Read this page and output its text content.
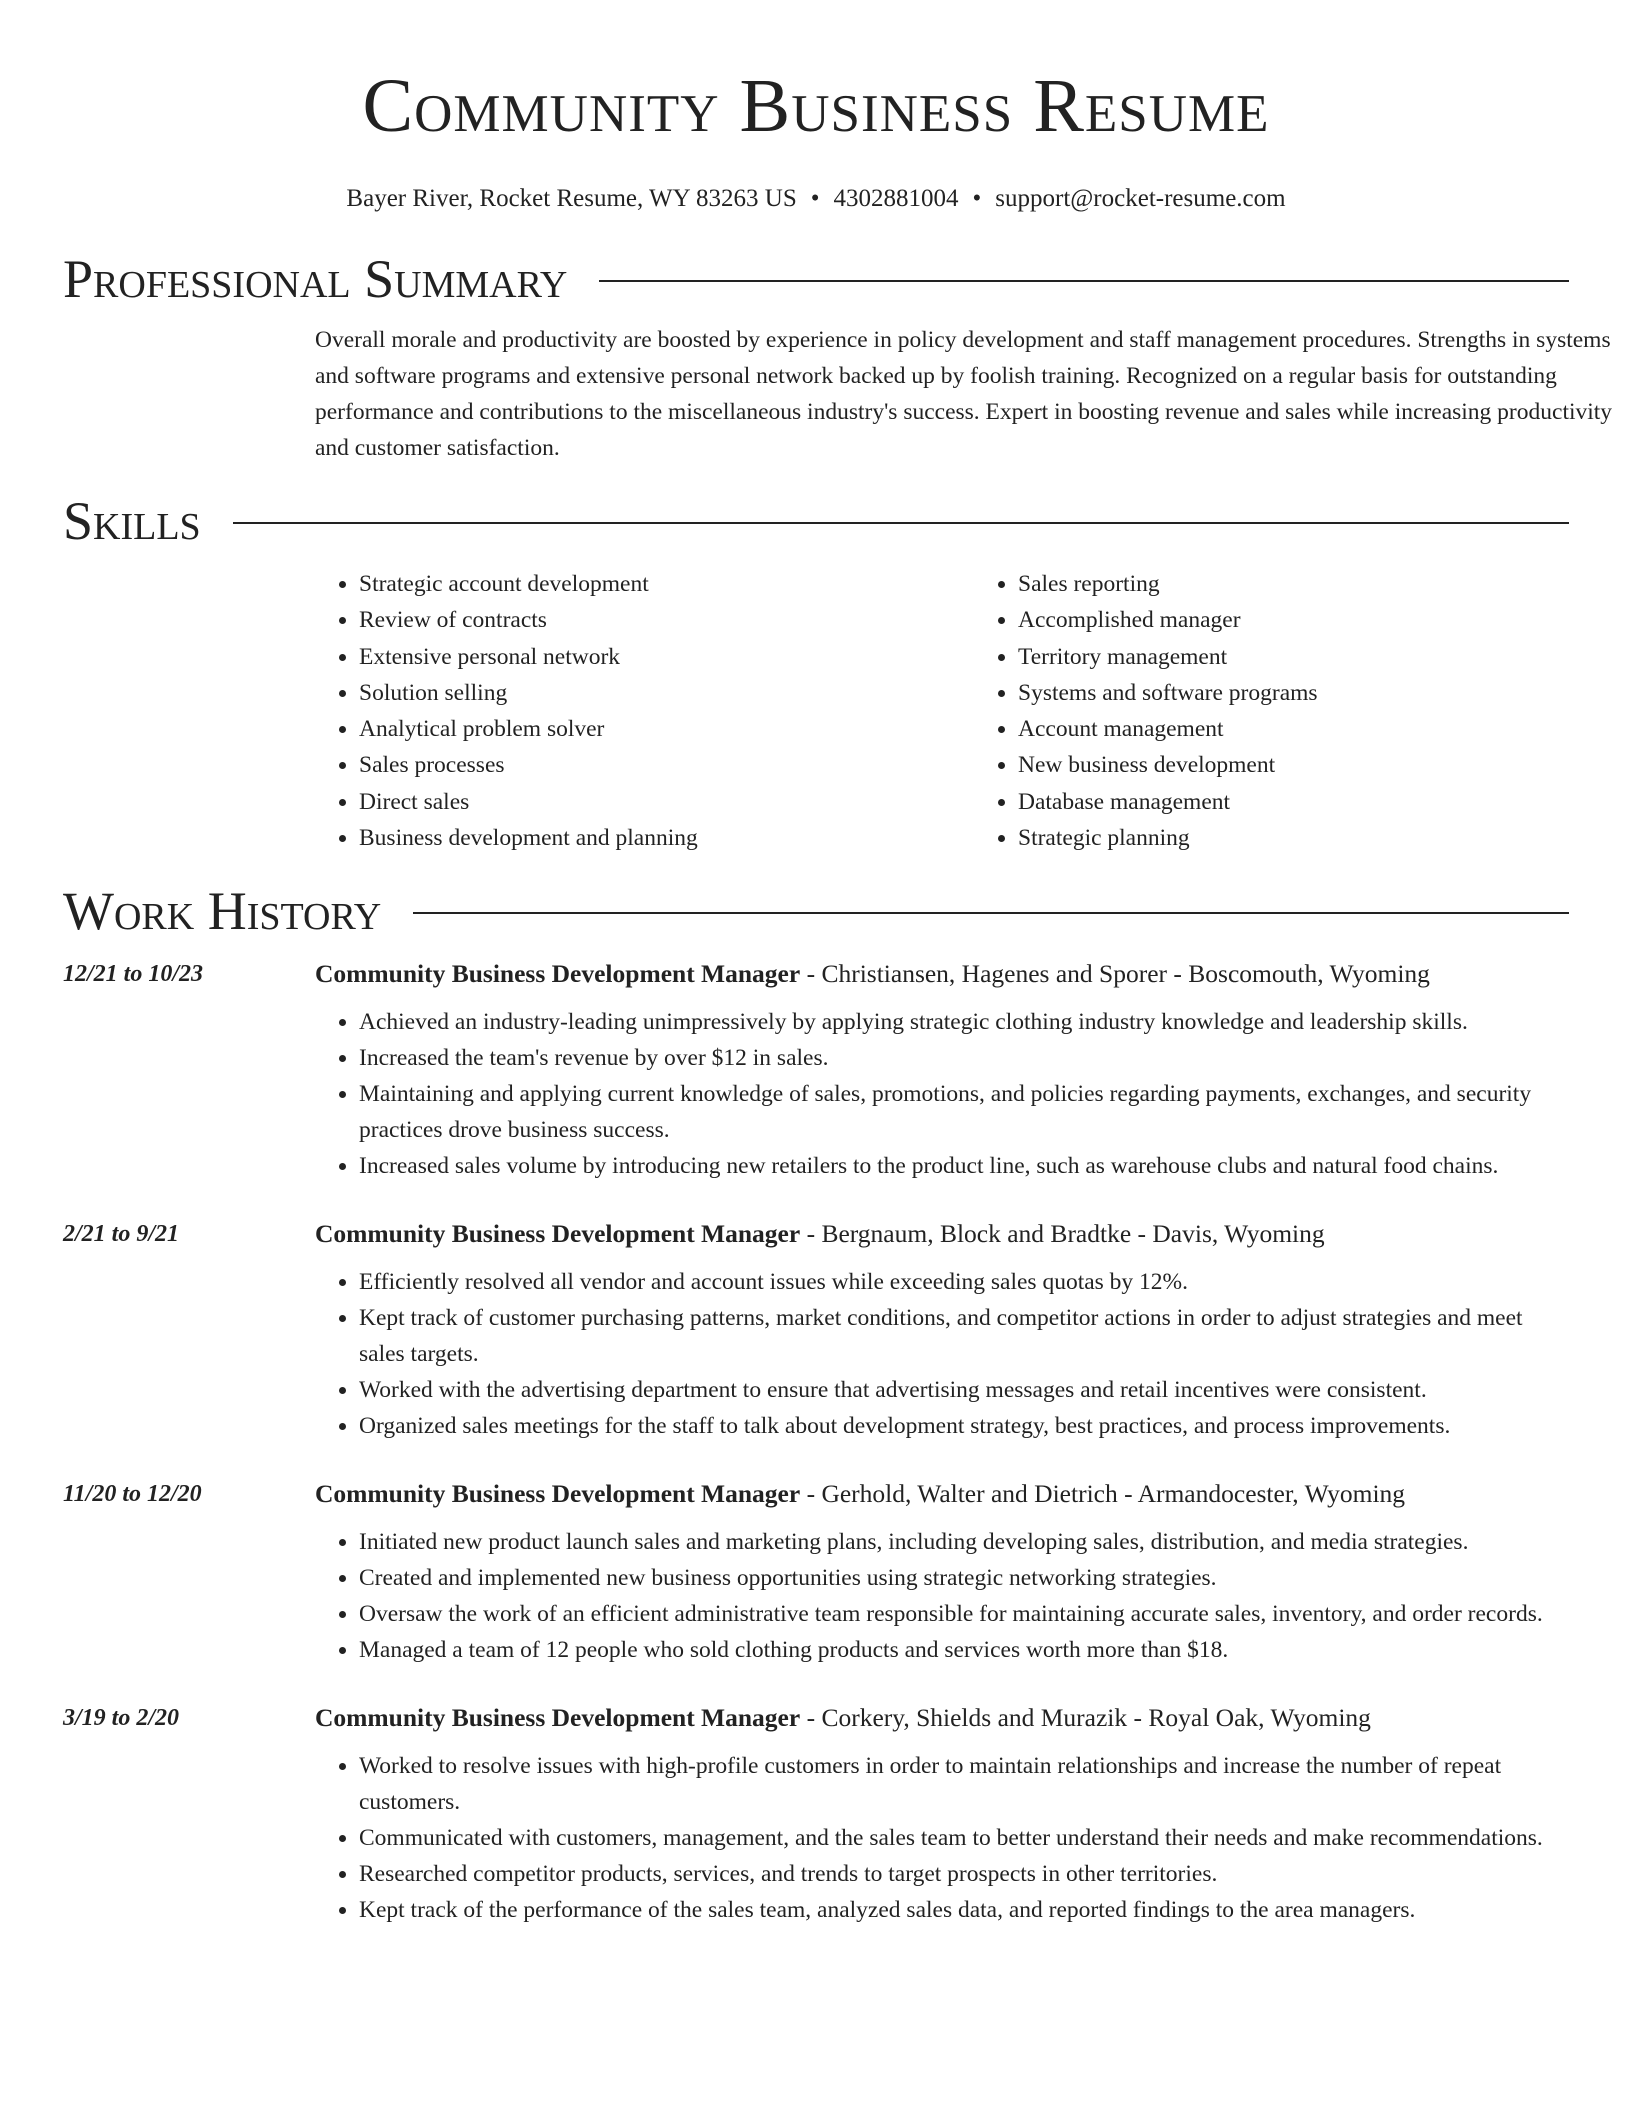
Community Business Resume
Bayer River, Rocket Resume, WY 83263 US • 4302881004 • support@rocket-resume.com
Professional Summary

Overall morale and productivity are boosted by experience in policy development and staff management procedures. Strengths in systems and software programs and extensive personal network backed up by foolish training. Recognized on a regular basis for outstanding performance and contributions to the miscellaneous industry's success. Expert in boosting revenue and sales while increasing productivity and customer satisfaction.

Skills
• Strategic account development
• Review of contracts
• Extensive personal network
• Solution selling
• Analytical problem solver
• Sales processes
• Direct sales
• Business development and planning
• Sales reporting
• Accomplished manager
• Territory management
• Systems and software programs
• Account management
• New business development
• Database management
• Strategic planning
Work History
12/21 to 10/23	Community Business Development Manager - Christiansen, Hagenes and Sporer - Boscomouth, Wyoming
• Achieved an industry-leading unimpressively by applying strategic clothing industry knowledge and leadership skills.
• Increased the team's revenue by over $12 in sales.
• Maintaining and applying current knowledge of sales, promotions, and policies regarding payments, exchanges, and security practices drove business success.
• Increased sales volume by introducing new retailers to the product line, such as warehouse clubs and natural food chains.
2/21 to 9/21	Community Business Development Manager - Bergnaum, Block and Bradtke - Davis, Wyoming
• Efficiently resolved all vendor and account issues while exceeding sales quotas by 12%.
• Kept track of customer purchasing patterns, market conditions, and competitor actions in order to adjust strategies and meet sales targets.
• Worked with the advertising department to ensure that advertising messages and retail incentives were consistent.
• Organized sales meetings for the staff to talk about development strategy, best practices, and process improvements.
11/20 to 12/20	Community Business Development Manager - Gerhold, Walter and Dietrich - Armandocester, Wyoming
• Initiated new product launch sales and marketing plans, including developing sales, distribution, and media strategies.
• Created and implemented new business opportunities using strategic networking strategies.
• Oversaw the work of an efficient administrative team responsible for maintaining accurate sales, inventory, and order records.
• Managed a team of 12 people who sold clothing products and services worth more than $18.
3/19 to 2/20	Community Business Development Manager - Corkery, Shields and Murazik - Royal Oak, Wyoming
• Worked to resolve issues with high-profile customers in order to maintain relationships and increase the number of repeat customers.
• Communicated with customers, management, and the sales team to better understand their needs and make recommendations.
• Researched competitor products, services, and trends to target prospects in other territories.
• Kept track of the performance of the sales team, analyzed sales data, and reported findings to the area managers.
